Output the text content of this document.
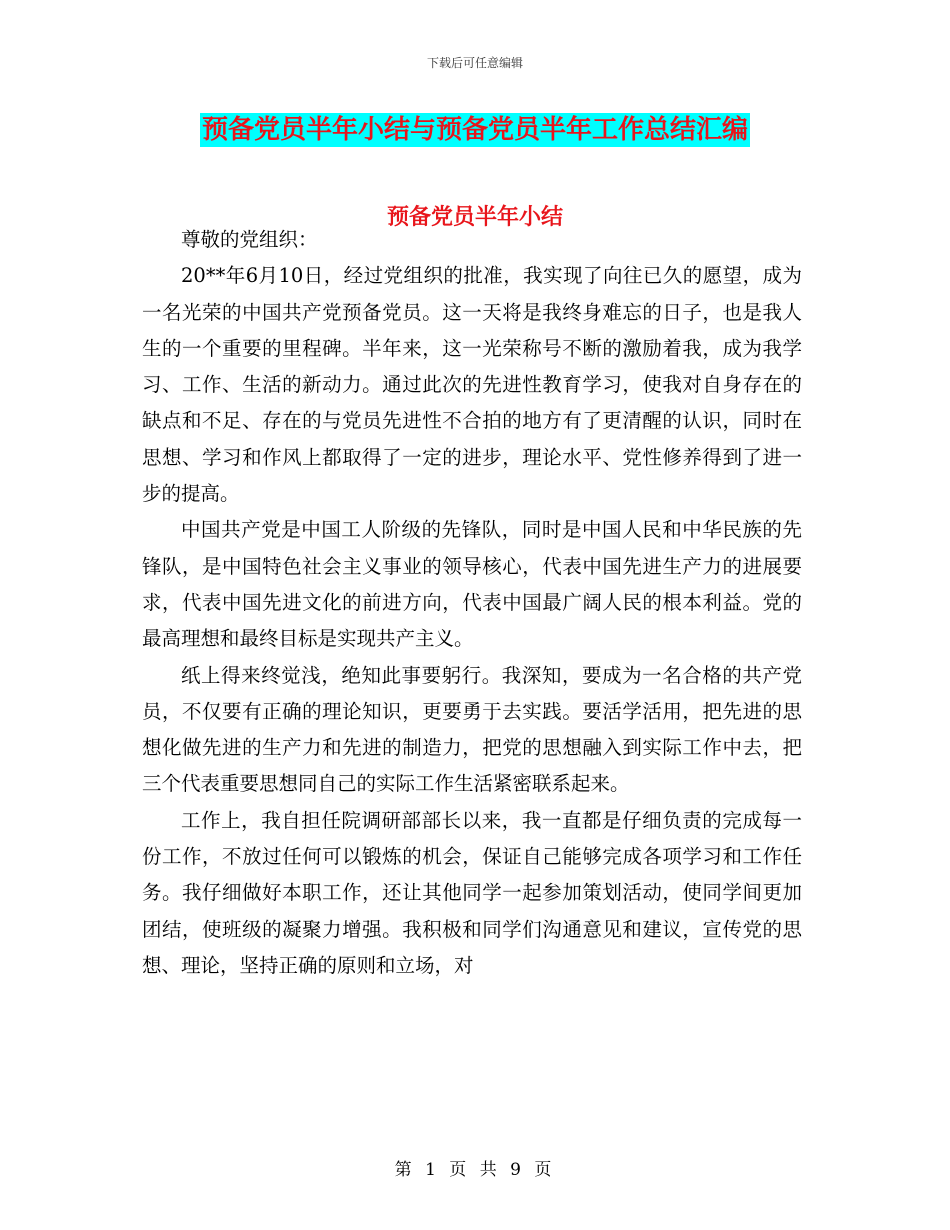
下载后可任意编辑
预备党员半年小结与预备党员半年工作总结汇编
预备党员半年小结

尊敬的党组织：

20**年6月10日，经过党组织的批准，我实现了向往已久的愿望，成为一名光荣的中国共产党预备党员。这一天将是我终身难忘的日子，也是我人生的一个重要的里程碑。半年来，这一光荣称号不断的激励着我，成为我学习、工作、生活的新动力。通过此次的先进性教育学习，使我对自身存在的缺点和不足、存在的与党员先进性不合拍的地方有了更清醒的认识，同时在思想、学习和作风上都取得了一定的进步，理论水平、党性修养得到了进一步的提高。

中国共产党是中国工人阶级的先锋队，同时是中国人民和中华民族的先锋队，是中国特色社会主义事业的领导核心，代表中国先进生产力的进展要求，代表中国先进文化的前进方向，代表中国最广阔人民的根本利益。党的最高理想和最终目标是实现共产主义。

纸上得来终觉浅，绝知此事要躬行。我深知，要成为一名合格的共产党员，不仅要有正确的理论知识，更要勇于去实践。要活学活用，把先进的思想化做先进的生产力和先进的制造力，把党的思想融入到实际工作中去，把三个代表重要思想同自己的实际工作生活紧密联系起来。

工作上，我自担任院调研部部长以来，我一直都是仔细负责的完成每一份工作，不放过任何可以锻炼的机会，保证自己能够完成各项学习和工作任务。我仔细做好本职工作，还让其他同学一起参加策划活动，使同学间更加团结，使班级的凝聚力增强。我积极和同学们沟通意见和建议，宣传党的思想、理论，坚持正确的原则和立场，对

第 1 页 共 9 页
